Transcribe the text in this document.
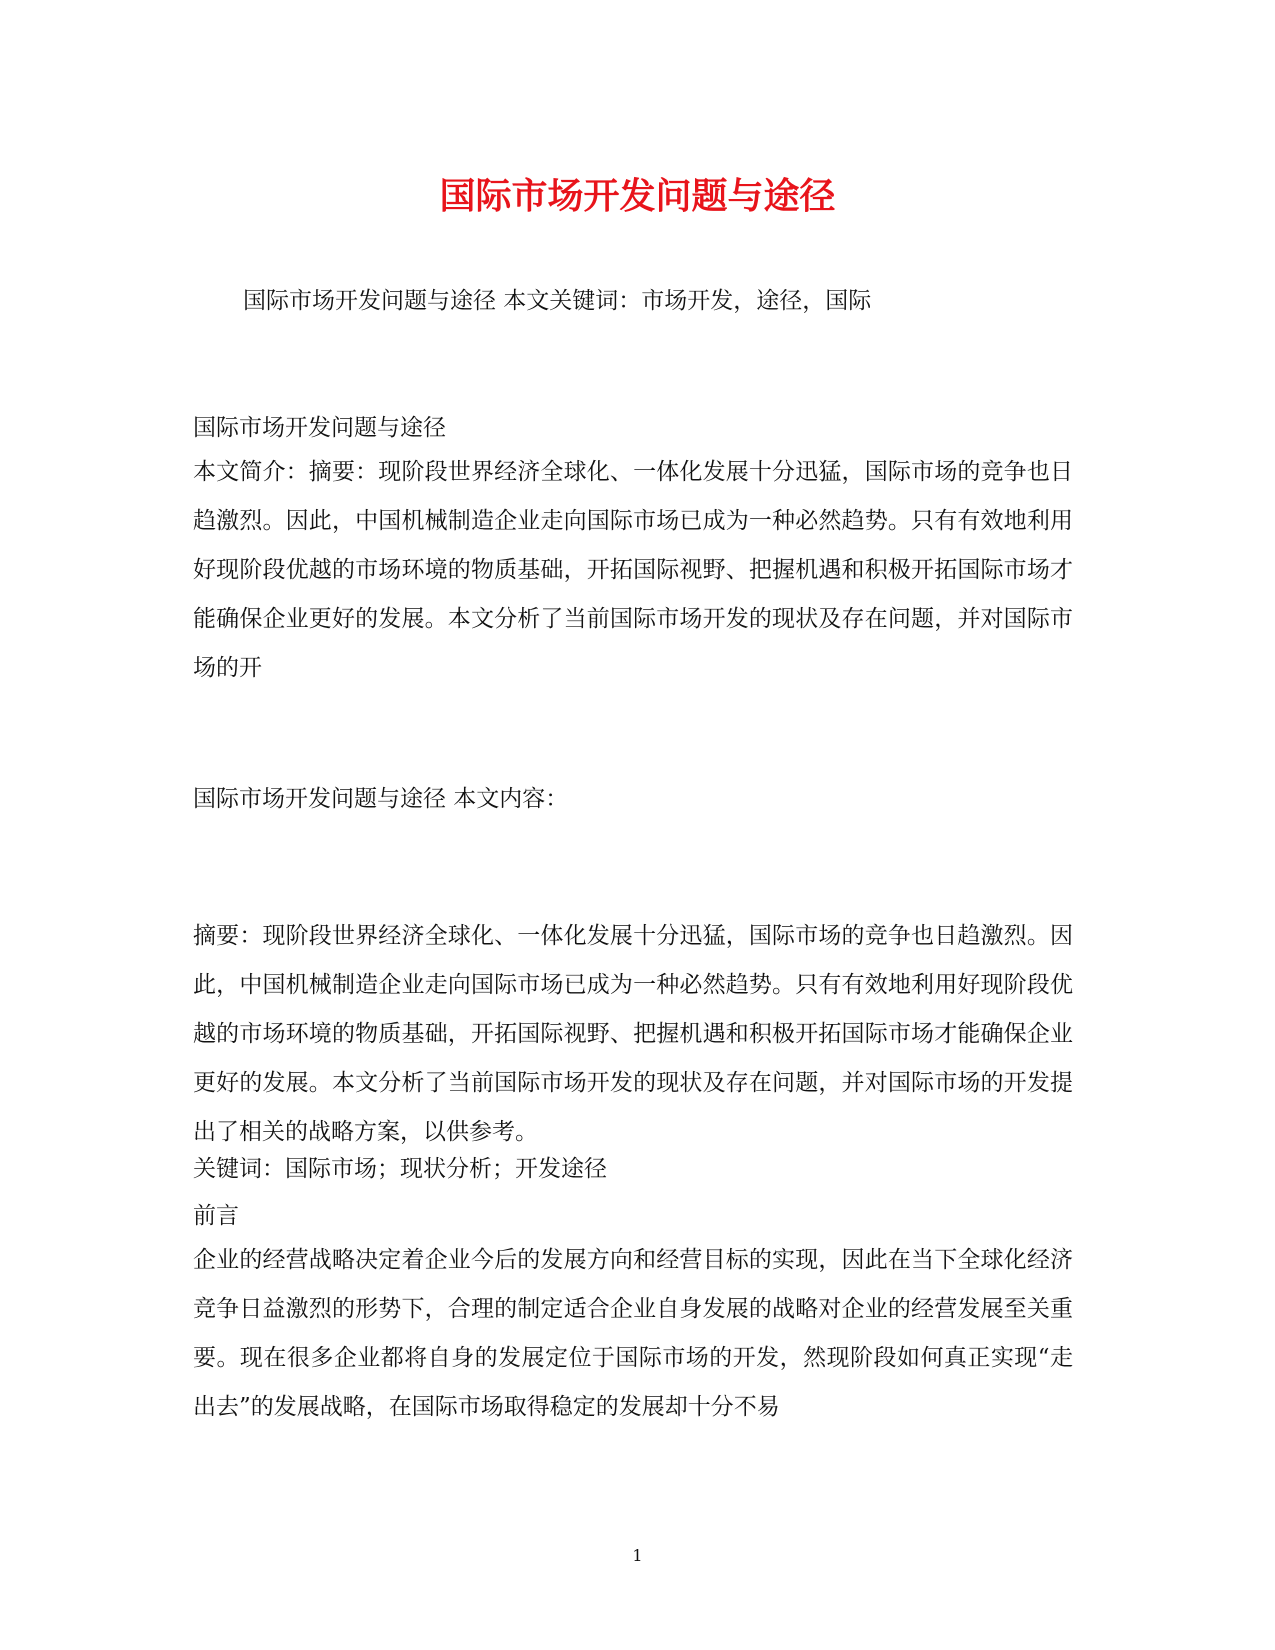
国际市场开发问题与途径
国际市场开发问题与途径 本文关键词：市场开发，途径，国际
国际市场开发问题与途径

本文简介：摘要：现阶段世界经济全球化、一体化发展十分迅猛，国际市场的竞争也日趋激烈。因此，中国机械制造企业走向国际市场已成为一种必然趋势。只有有效地利用好现阶段优越的市场环境的物质基础，开拓国际视野、把握机遇和积极开拓国际市场才能确保企业更好的发展。本文分析了当前国际市场开发的现状及存在问题，并对国际市场的开

国际市场开发问题与途径 本文内容：

摘要：现阶段世界经济全球化、一体化发展十分迅猛，国际市场的竞争也日趋激烈。因此，中国机械制造企业走向国际市场已成为一种必然趋势。只有有效地利用好现阶段优越的市场环境的物质基础，开拓国际视野、把握机遇和积极开拓国际市场才能确保企业更好的发展。本文分析了当前国际市场开发的现状及存在问题，并对国际市场的开发提出了相关的战略方案，以供参考。

关键词：国际市场；现状分析；开发途径
前言

企业的经营战略决定着企业今后的发展方向和经营目标的实现，因此在当下全球化经济竞争日益激烈的形势下，合理的制定适合企业自身发展的战略对企业的经营发展至关重要。现在很多企业都将自身的发展定位于国际市场的开发，然现阶段如何真正实现“走出去”的发展战略，在国际市场取得稳定的发展却十分不易

1
